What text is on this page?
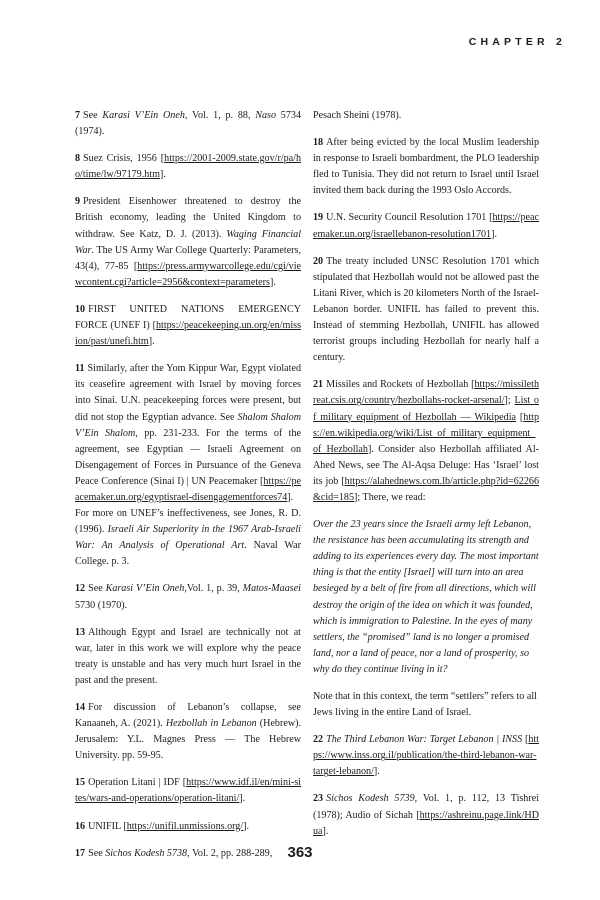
CHAPTER 2

7 See Karasi V’Ein Oneh, Vol. 1, p. 88, Naso 5734 (1974).

8 Suez Crisis, 1956 [https://2001-2009.state.gov/r/pa/ho/time/lw/97179.htm].

9 President Eisenhower threatened to destroy the British economy, leading the United Kingdom to withdraw. See Katz, D. J. (2013). Waging Financial War. The US Army War College Quarterly: Parameters, 43(4), 77-85 [https://press.armywarcollege.edu/cgi/viewcontent.cgi?article=2956&context=parameters].

10 FIRST UNITED NATIONS EMERGENCY FORCE (UNEF I) [https://peacekeeping.un.org/en/mission/past/unefi.htm].

11 Similarly, after the Yom Kippur War, Egypt violated its ceasefire agreement with Israel by moving forces into Sinai. U.N. peacekeeping forces were present, but did not stop the Egyptian advance. See Shalom Shalom V’Ein Shalom, pp. 231-233. For the terms of the agreement, see Egyptian — Israeli Agreement on Disengagement of Forces in Pursuance of the Geneva Peace Conference (Sinai I) | UN Peacemaker [https://peacemaker.un.org/egyptisrael-disengagementforces74]. For more on UNEF’s ineffectiveness, see Jones, R. D. (1996). Israeli Air Superiority in the 1967 Arab-Israeli War: An Analysis of Operational Art. Naval War College. p. 3.

12 See Karasi V’Ein Oneh,Vol. 1, p. 39, Matos-Maasei 5730 (1970).

13 Although Egypt and Israel are technically not at war, later in this work we will explore why the peace treaty is unstable and has very much hurt Israel in the past and the present.

14 For discussion of Lebanon’s collapse, see Kanaaneh, A. (2021). Hezbollah in Lebanon (Hebrew). Jerusalem: Y.L. Magnes Press — The Hebrew University. pp. 59-95.

15 Operation Litani | IDF [https://www.idf.il/en/mini-sites/wars-and-operations/operation-litani/].

16 UNIFIL [https://unifil.unmissions.org/].

17 See Sichos Kodesh 5738, Vol. 2, pp. 288-289,

Pesach Sheini (1978).

18 After being evicted by the local Muslim leadership in response to Israeli bombardment, the PLO leadership fled to Tunisia. They did not return to Israel until Israel invited them back during the 1993 Oslo Accords.

19 U.N. Security Council Resolution 1701 [https://peacemaker.un.org/israellebanon-resolution1701].

20 The treaty included UNSC Resolution 1701 which stipulated that Hezbollah would not be allowed past the Litani River, which is 20 kilometers North of the Israel-Lebanon border. UNIFIL has failed to prevent this. Instead of stemming Hezbollah, UNIFIL has allowed terrorist groups including Hezbollah for nearly half a century.

21 Missiles and Rockets of Hezbollah [https://missilethreat.csis.org/country/hezbollahs-rocket-arsenal/]; List of military equipment of Hezbollah — Wikipedia [https://en.wikipedia.org/wiki/List_of_military_equipment_of_Hezbollah]. Consider also Hezbollah affiliated Al-Ahed News, see The Al-Aqsa Deluge: Has ‘Israel’ lost its job [https://alahednews.com.lb/article.php?id=62266&cid=185]; There, we read:

Over the 23 years since the Israeli army left Lebanon, the resistance has been accumulating its strength and adding to its experiences every day. The most important thing is that the entity [Israel] will turn into an area besieged by a belt of fire from all directions, which will destroy the origin of the idea on which it was founded, which is immigration to Palestine. In the eyes of many settlers, the “promised” land is no longer a promised land, nor a land of peace, nor a land of prosperity, so why do they continue living in it?

Note that in this context, the term “settlers” refers to all Jews living in the entire Land of Israel.

22 The Third Lebanon War: Target Lebanon | INSS [https://www.inss.org.il/publication/the-third-lebanon-war-target-lebanon/].

23 Sichos Kodesh 5739, Vol. 1, p. 112, 13 Tishrei (1978); Audio of Sichah [https://ashreinu.page.link/HDua].

363
